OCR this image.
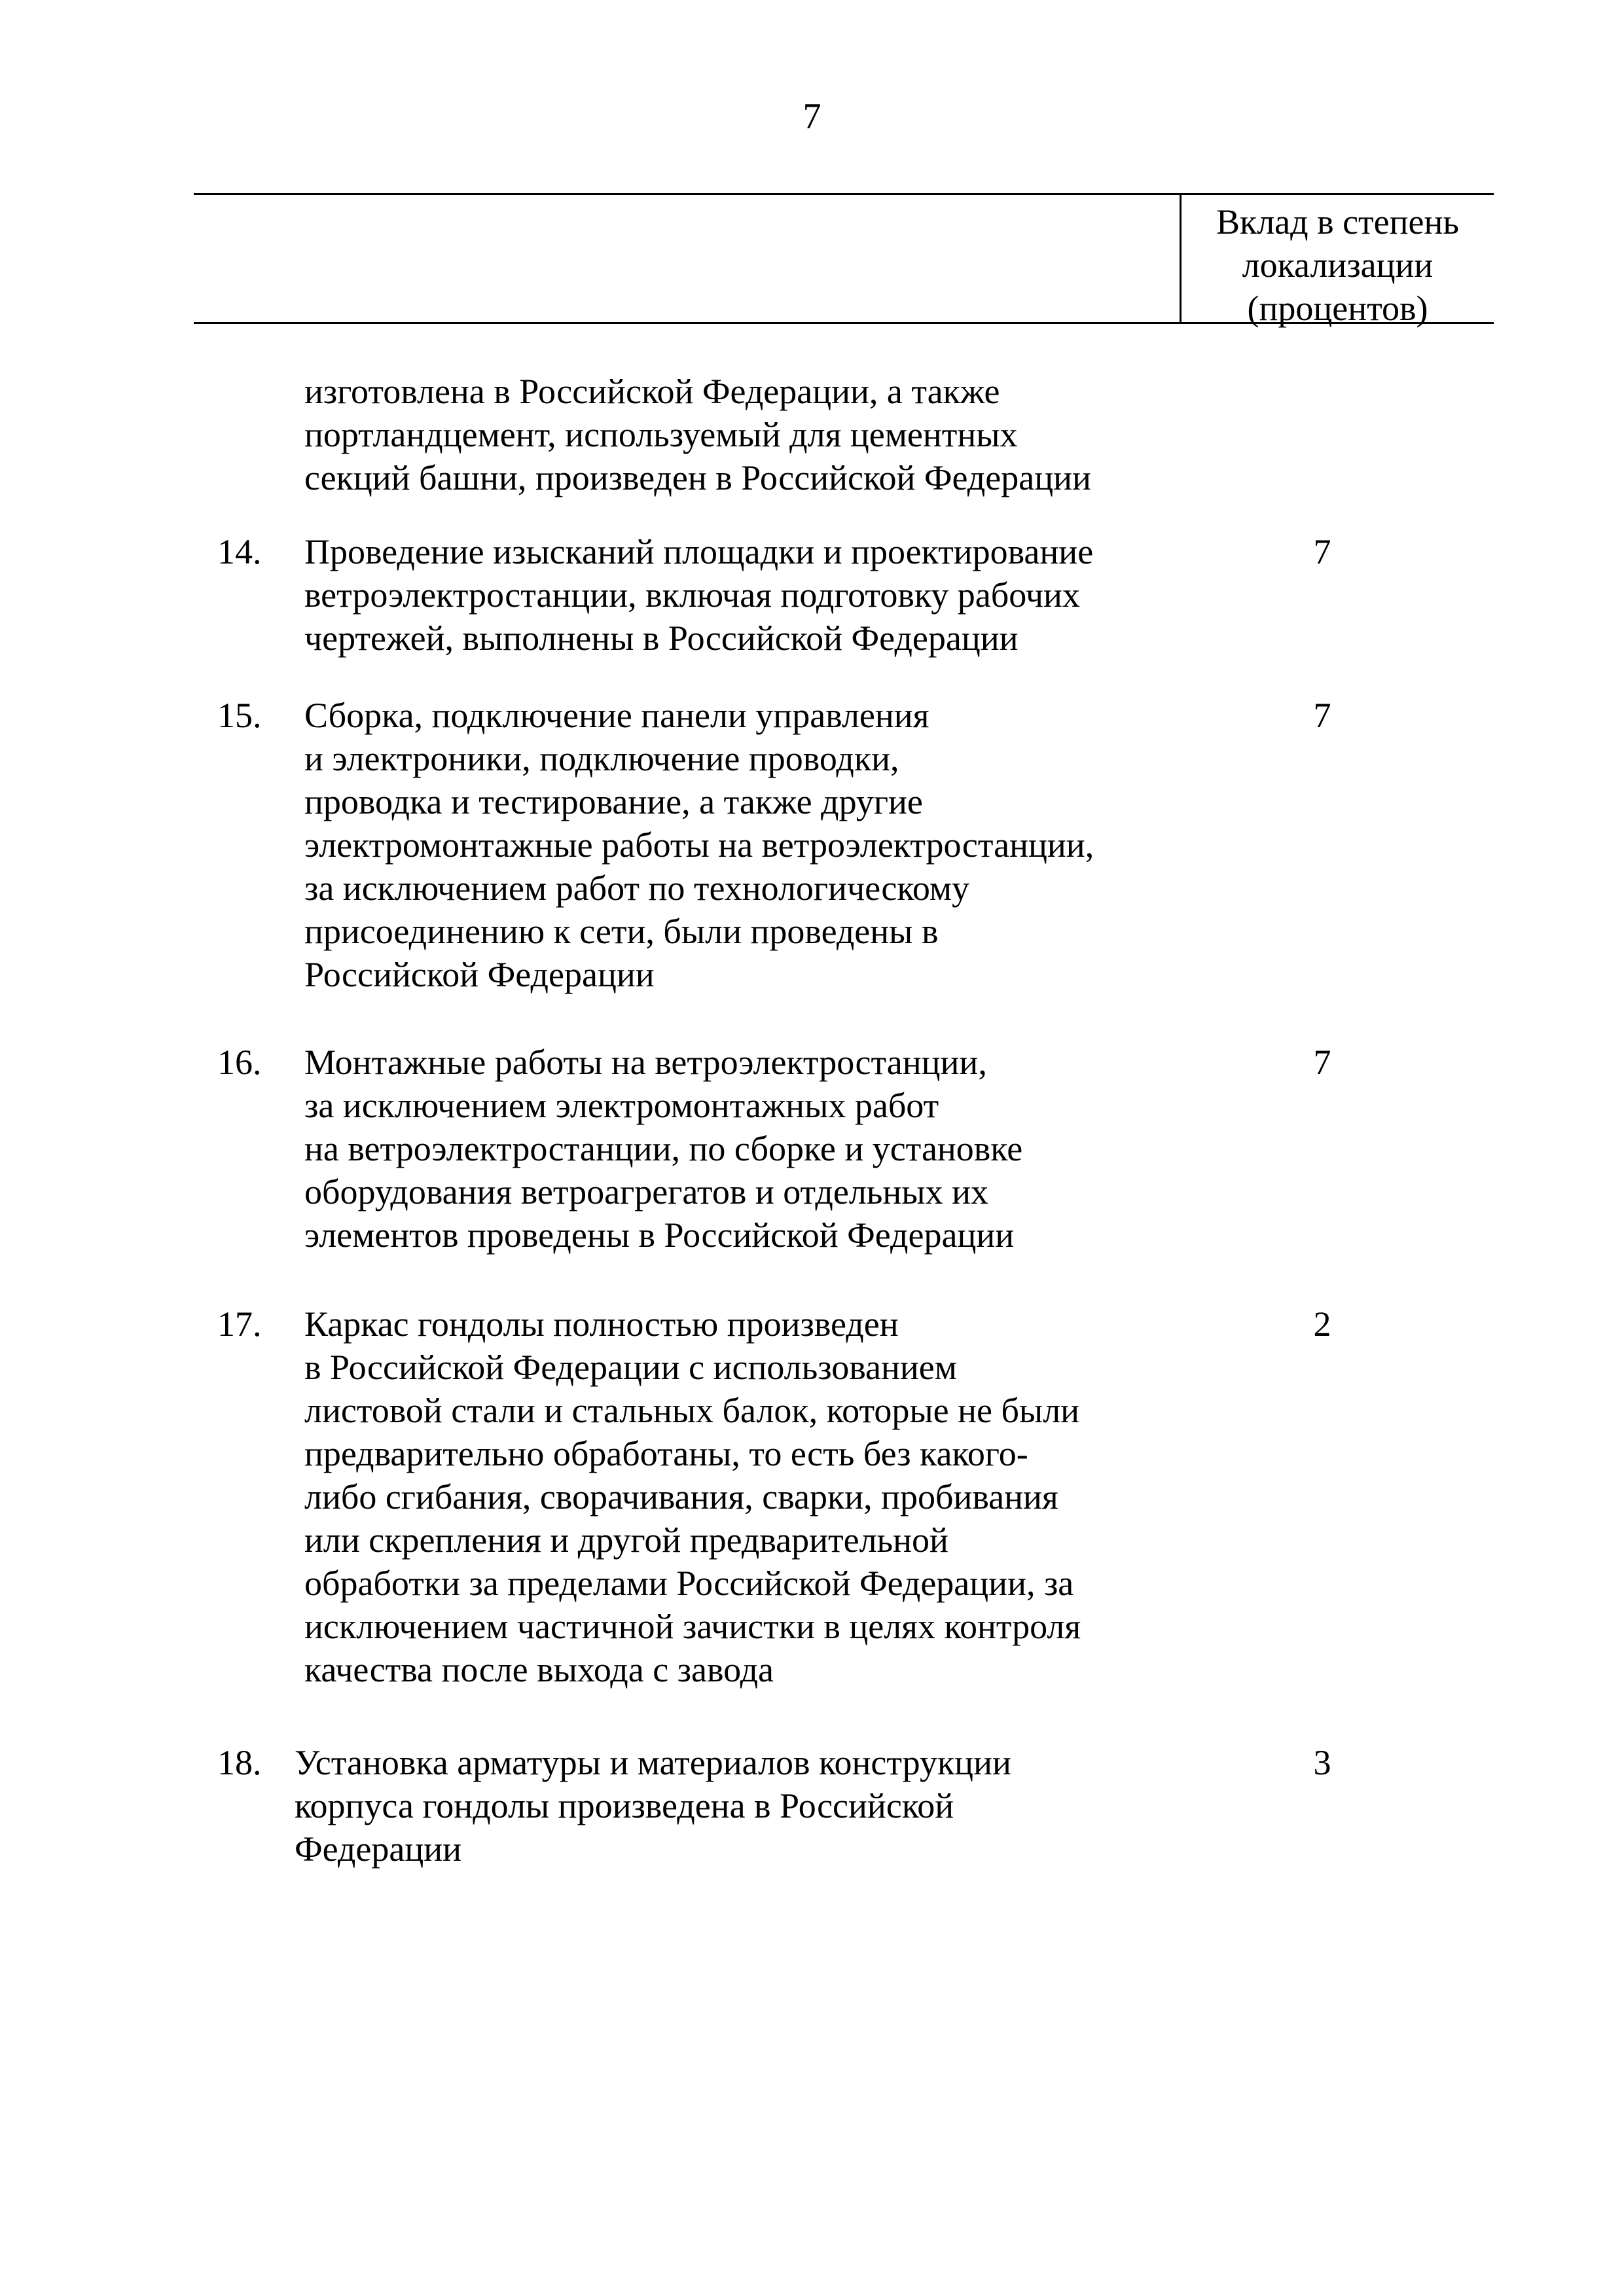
7
Вклад в степень
локализации
(процентов)
изготовлена в Российской Федерации, а также
портландцемент, используемый для цементных
секций башни, произведен в Российской Федерации
14. Проведение изысканий площадки и проектирование
ветроэлектростанции, включая подготовку рабочих
чертежей, выполнены в Российской Федерации
7
15. Сборка, подключение панели управления
и электроники, подключение проводки,
проводка и тестирование, а также другие
электромонтажные работы на ветроэлектростанции,
за исключением работ по технологическому
присоединению к сети, были проведены в
Российской Федерации
7
16. Монтажные работы на ветроэлектростанции,
за исключением электромонтажных работ
на ветроэлектростанции, по сборке и установке
оборудования ветроагрегатов и отдельных их
элементов проведены в Российской Федерации
7
17. Каркас гондолы полностью произведен
в Российской Федерации с использованием
листовой стали и стальных балок, которые не были
предварительно обработаны, то есть без какого-
либо сгибания, сворачивания, сварки, пробивания
или скрепления и другой предварительной
обработки за пределами Российской Федерации, за
исключением частичной зачистки в целях контроля
качества после выхода с завода
2
18. Установка арматуры и материалов конструкции
корпуса гондолы произведена в Российской
Федерации
3
